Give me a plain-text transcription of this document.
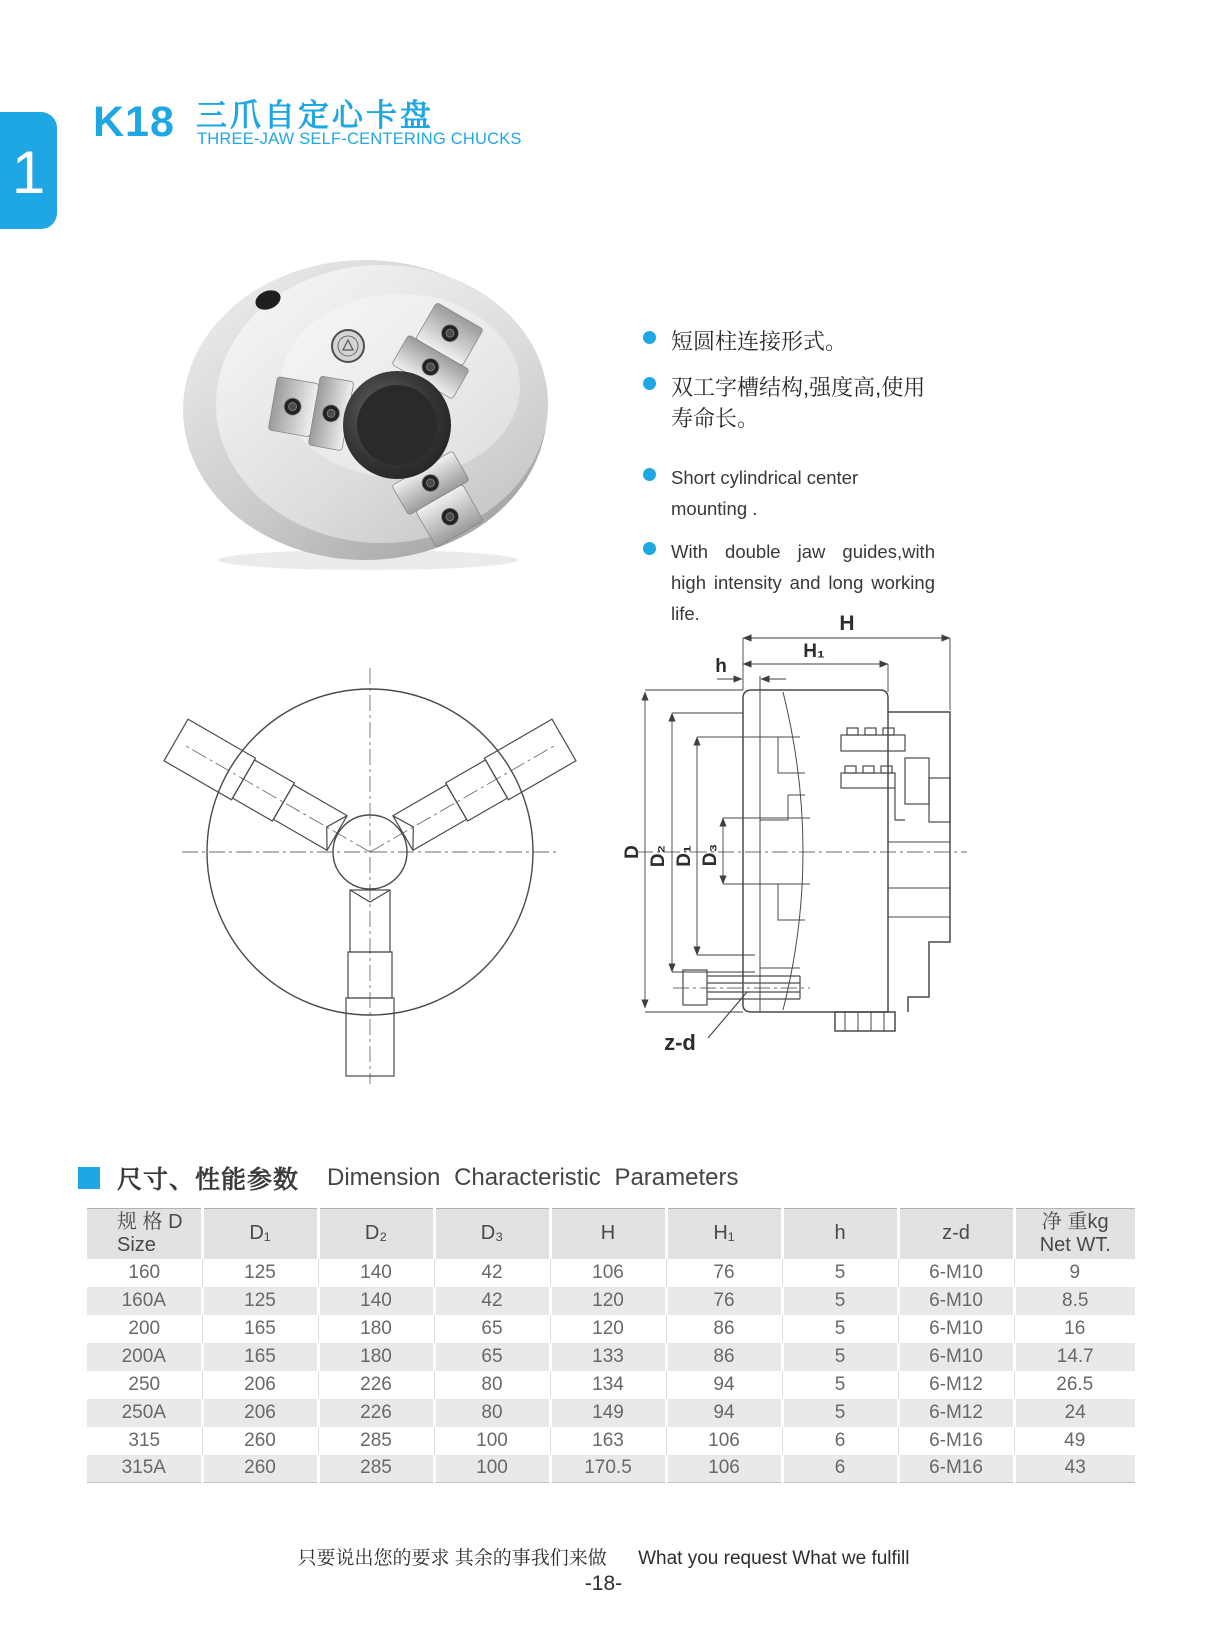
1
K18 三爪自定心卡盘
THREE-JAW SELF-CENTERING CHUCKS
短圆柱连接形式。
双工字槽结构,强度高,使用寿命长。
Short cylindrical center mounting .
With double jaw guides,with high intensity and long working life.	H
H₁
h
D D₂ D₁ D₃
z-d
尺寸、性能参数 Dimension Characteristic Parameters
规 格 D
Size	D₁	D₂	D₃	H	H₁	h	z-d	净 重kg
Net WT.

160	125	140	42	106	76	5	6-M10	9
160A	125	140	42	120	76	5	6-M10	8.5
200	165	180	65	120	86	5	6-M10	16
200A	165	180	65	133	86	5	6-M10	14.7
250	206	226	80	134	94	5	6-M12	26.5
250A	206	226	80	149	94	5	6-M12	24
315	260	285	100	163	106	6	6-M16	49
315A	260	285	100	170.5	106	6	6-M16	43
只要说出您的要求 其余的事我们来做 What you request What we fulfill
-18-
